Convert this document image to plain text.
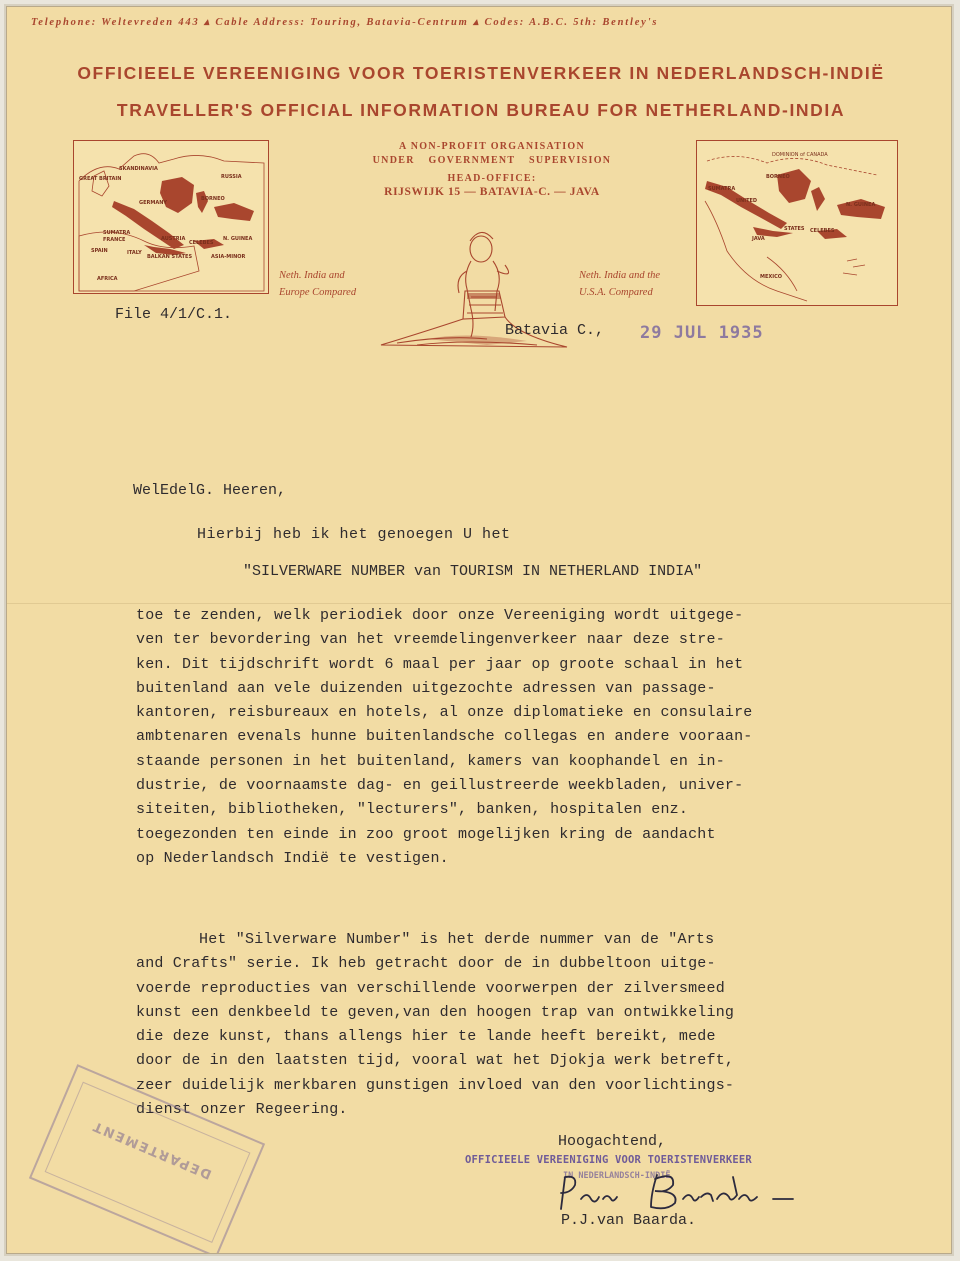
Telephone: Weltevreden 443 ▴ Cable Address: Touring, Batavia-Centrum ▴ Codes: A.B.C. 5th: Bentley's
OFFICIEELE VEREENIGING VOOR TOERISTENVERKEER IN NEDERLANDSCH-INDIË
TRAVELLER'S OFFICIAL INFORMATION BUREAU FOR NETHERLAND-INDIA
SKANDINAVIA
GREAT BRITAIN	RUSSIA
BORNEO
GERMANY
SUMATRA
FRANCE	AUSTRIA
CELEBES
N. GUINEA
SPAIN	ITALY
BALKAN STATES	ASIA-MINOR
AFRICA	Neth. India and
Europe Compared
A NON-PROFIT ORGANISATION
UNDER GOVERNMENT SUPERVISION
HEAD-OFFICE:
RIJSWIJK 15 — BATAVIA-C. — JAVA
Neth. India and the
U.S.A. Compared
DOMINION of CANADA
BORNEO
SUMATRA
UNITED
STATES CELEBES
N. GUINEA
MEXICO
JAVA
File 4/1/C.1.
Batavia C., 29 JUL 1935
WelEdelG. Heeren,
Hierbij heb ik het genoegen U het
"SILVERWARE NUMBER van TOURISM IN NETHERLAND INDIA"

toe te zenden, welk periodiek door onze Vereeniging wordt uitgege-

ven ter bevordering van het vreemdelingenverkeer naar deze stre-

ken. Dit tijdschrift wordt 6 maal per jaar op groote schaal in het

buitenland aan vele duizenden uitgezochte adressen van passage-

kantoren, reisbureaux en hotels, al onze diplomatieke en consulaire

ambtenaren evenals hunne buitenlandsche collegas en andere vooraan-

staande personen in het buitenland, kamers van koophandel en in-

dustrie, de voornaamste dag- en geillustreerde weekbladen, univer-

siteiten, bibliotheken, "lecturers", banken, hospitalen enz.

toegezonden ten einde in zoo groot mogelijken kring de aandacht

op Nederlandsch Indië te vestigen.

Het "Silverware Number" is het derde nummer van de "Arts

and Crafts" serie. Ik heb getracht door de in dubbeltoon uitge-

voerde reproducties van verschillende voorwerpen der zilversmeed

kunst een denkbeeld te geven,van den hoogen trap van ontwikkeling

die deze kunst, thans allengs hier te lande heeft bereikt, mede

door de in den laatsten tijd, vooral wat het Djokja werk betreft,

zeer duidelijk merkbaren gunstigen invloed van den voorlichtings-

dienst onzer Regeering.

Hoogachtend,
OFFICIEELE VEREENIGING VOOR TOERISTENVERKEER
IN NEDERLANDSCH-INDIË
P.J.van Baarda.
DEPARTEMENT
